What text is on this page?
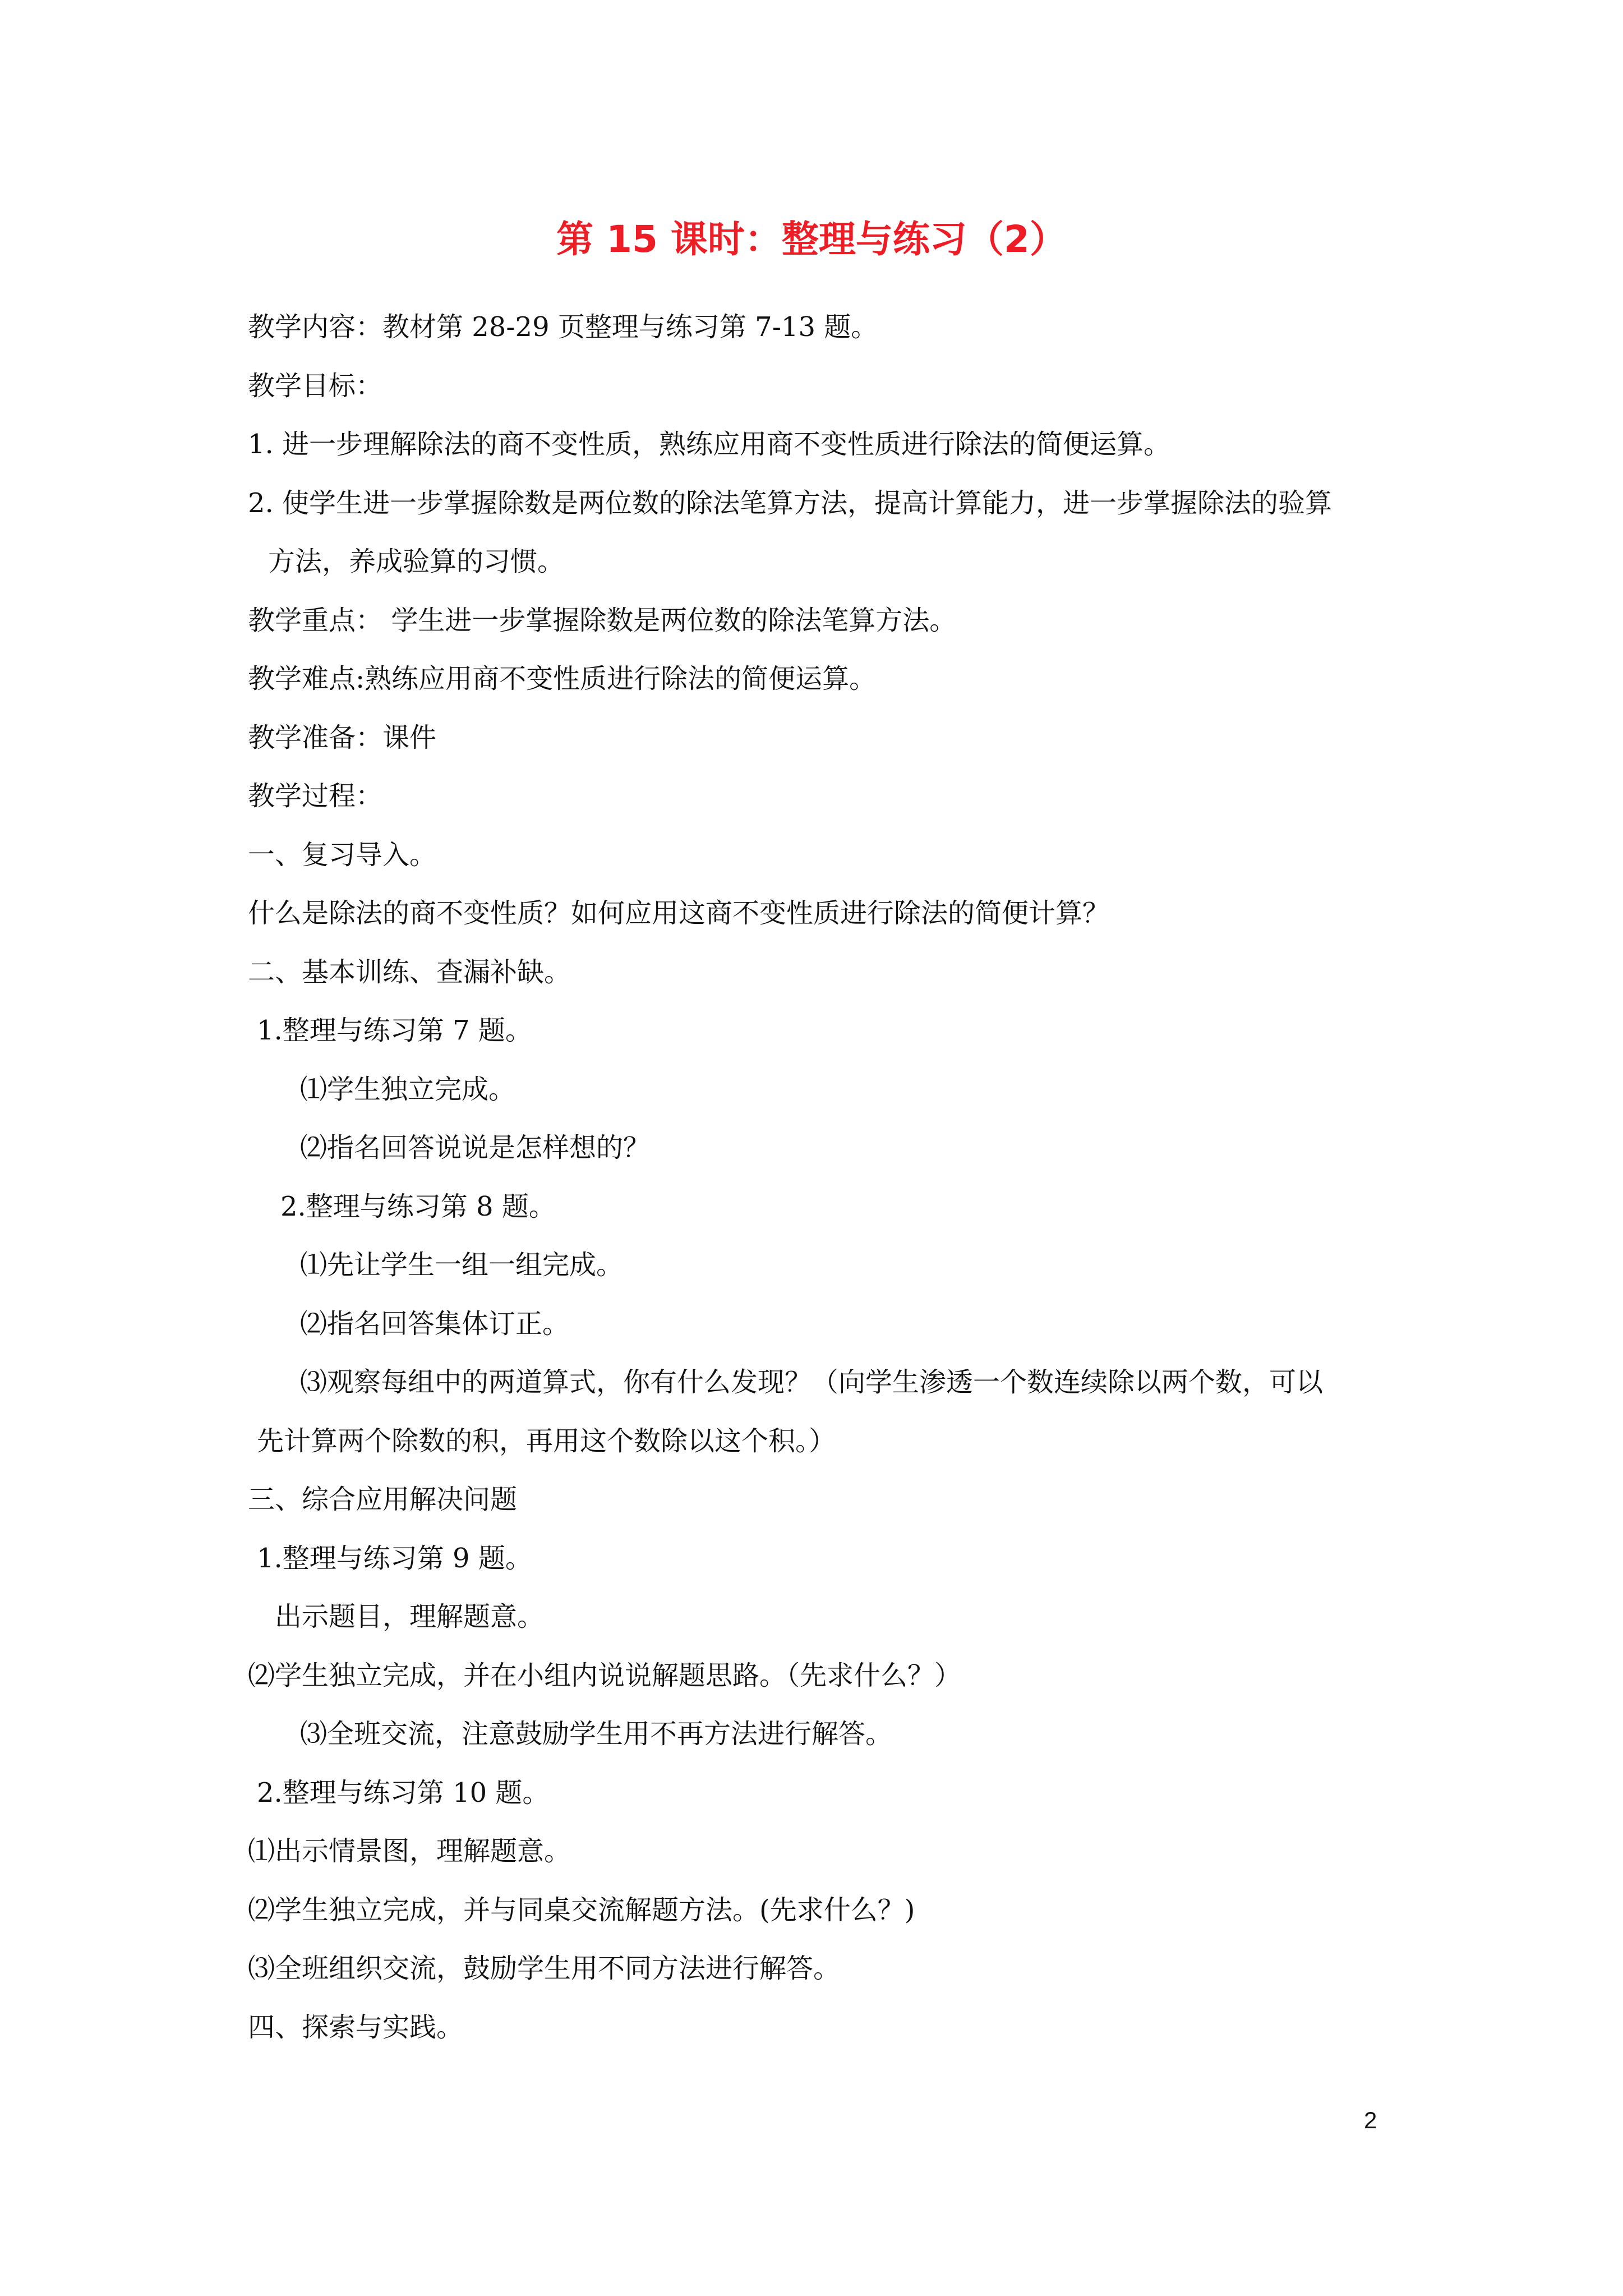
第 15 课时：整理与练习（2）

教学内容：教材第 28-29 页整理与练习第 7-13 题。

教学目标：

1. 进一步理解除法的商不变性质，熟练应用商不变性质进行除法的简便运算。

2. 使学生进一步掌握除数是两位数的除法笔算方法，提高计算能力，进一步掌握除法的验算

方法，养成验算的习惯。

教学重点： 学生进一步掌握除数是两位数的除法笔算方法。

教学难点:熟练应用商不变性质进行除法的简便运算。

教学准备：课件

教学过程：

一、复习导入。

什么是除法的商不变性质？如何应用这商不变性质进行除法的简便计算？

二、基本训练、查漏补缺。

1.整理与练习第 7 题。

⑴学生独立完成。

⑵指名回答说说是怎样想的？

2.整理与练习第 8 题。

⑴先让学生一组一组完成。

⑵指名回答集体订正。

⑶观察每组中的两道算式，你有什么发现？（向学生渗透一个数连续除以两个数，可以

先计算两个除数的积，再用这个数除以这个积。）

三、综合应用解决问题

1.整理与练习第 9 题。

出示题目，理解题意。

⑵学生独立完成，并在小组内说说解题思路。（先求什么？）

⑶全班交流，注意鼓励学生用不再方法进行解答。

2.整理与练习第 10 题。

⑴出示情景图，理解题意。

⑵学生独立完成，并与同桌交流解题方法。(先求什么？)

⑶全班组织交流，鼓励学生用不同方法进行解答。

四、探索与实践。

2
